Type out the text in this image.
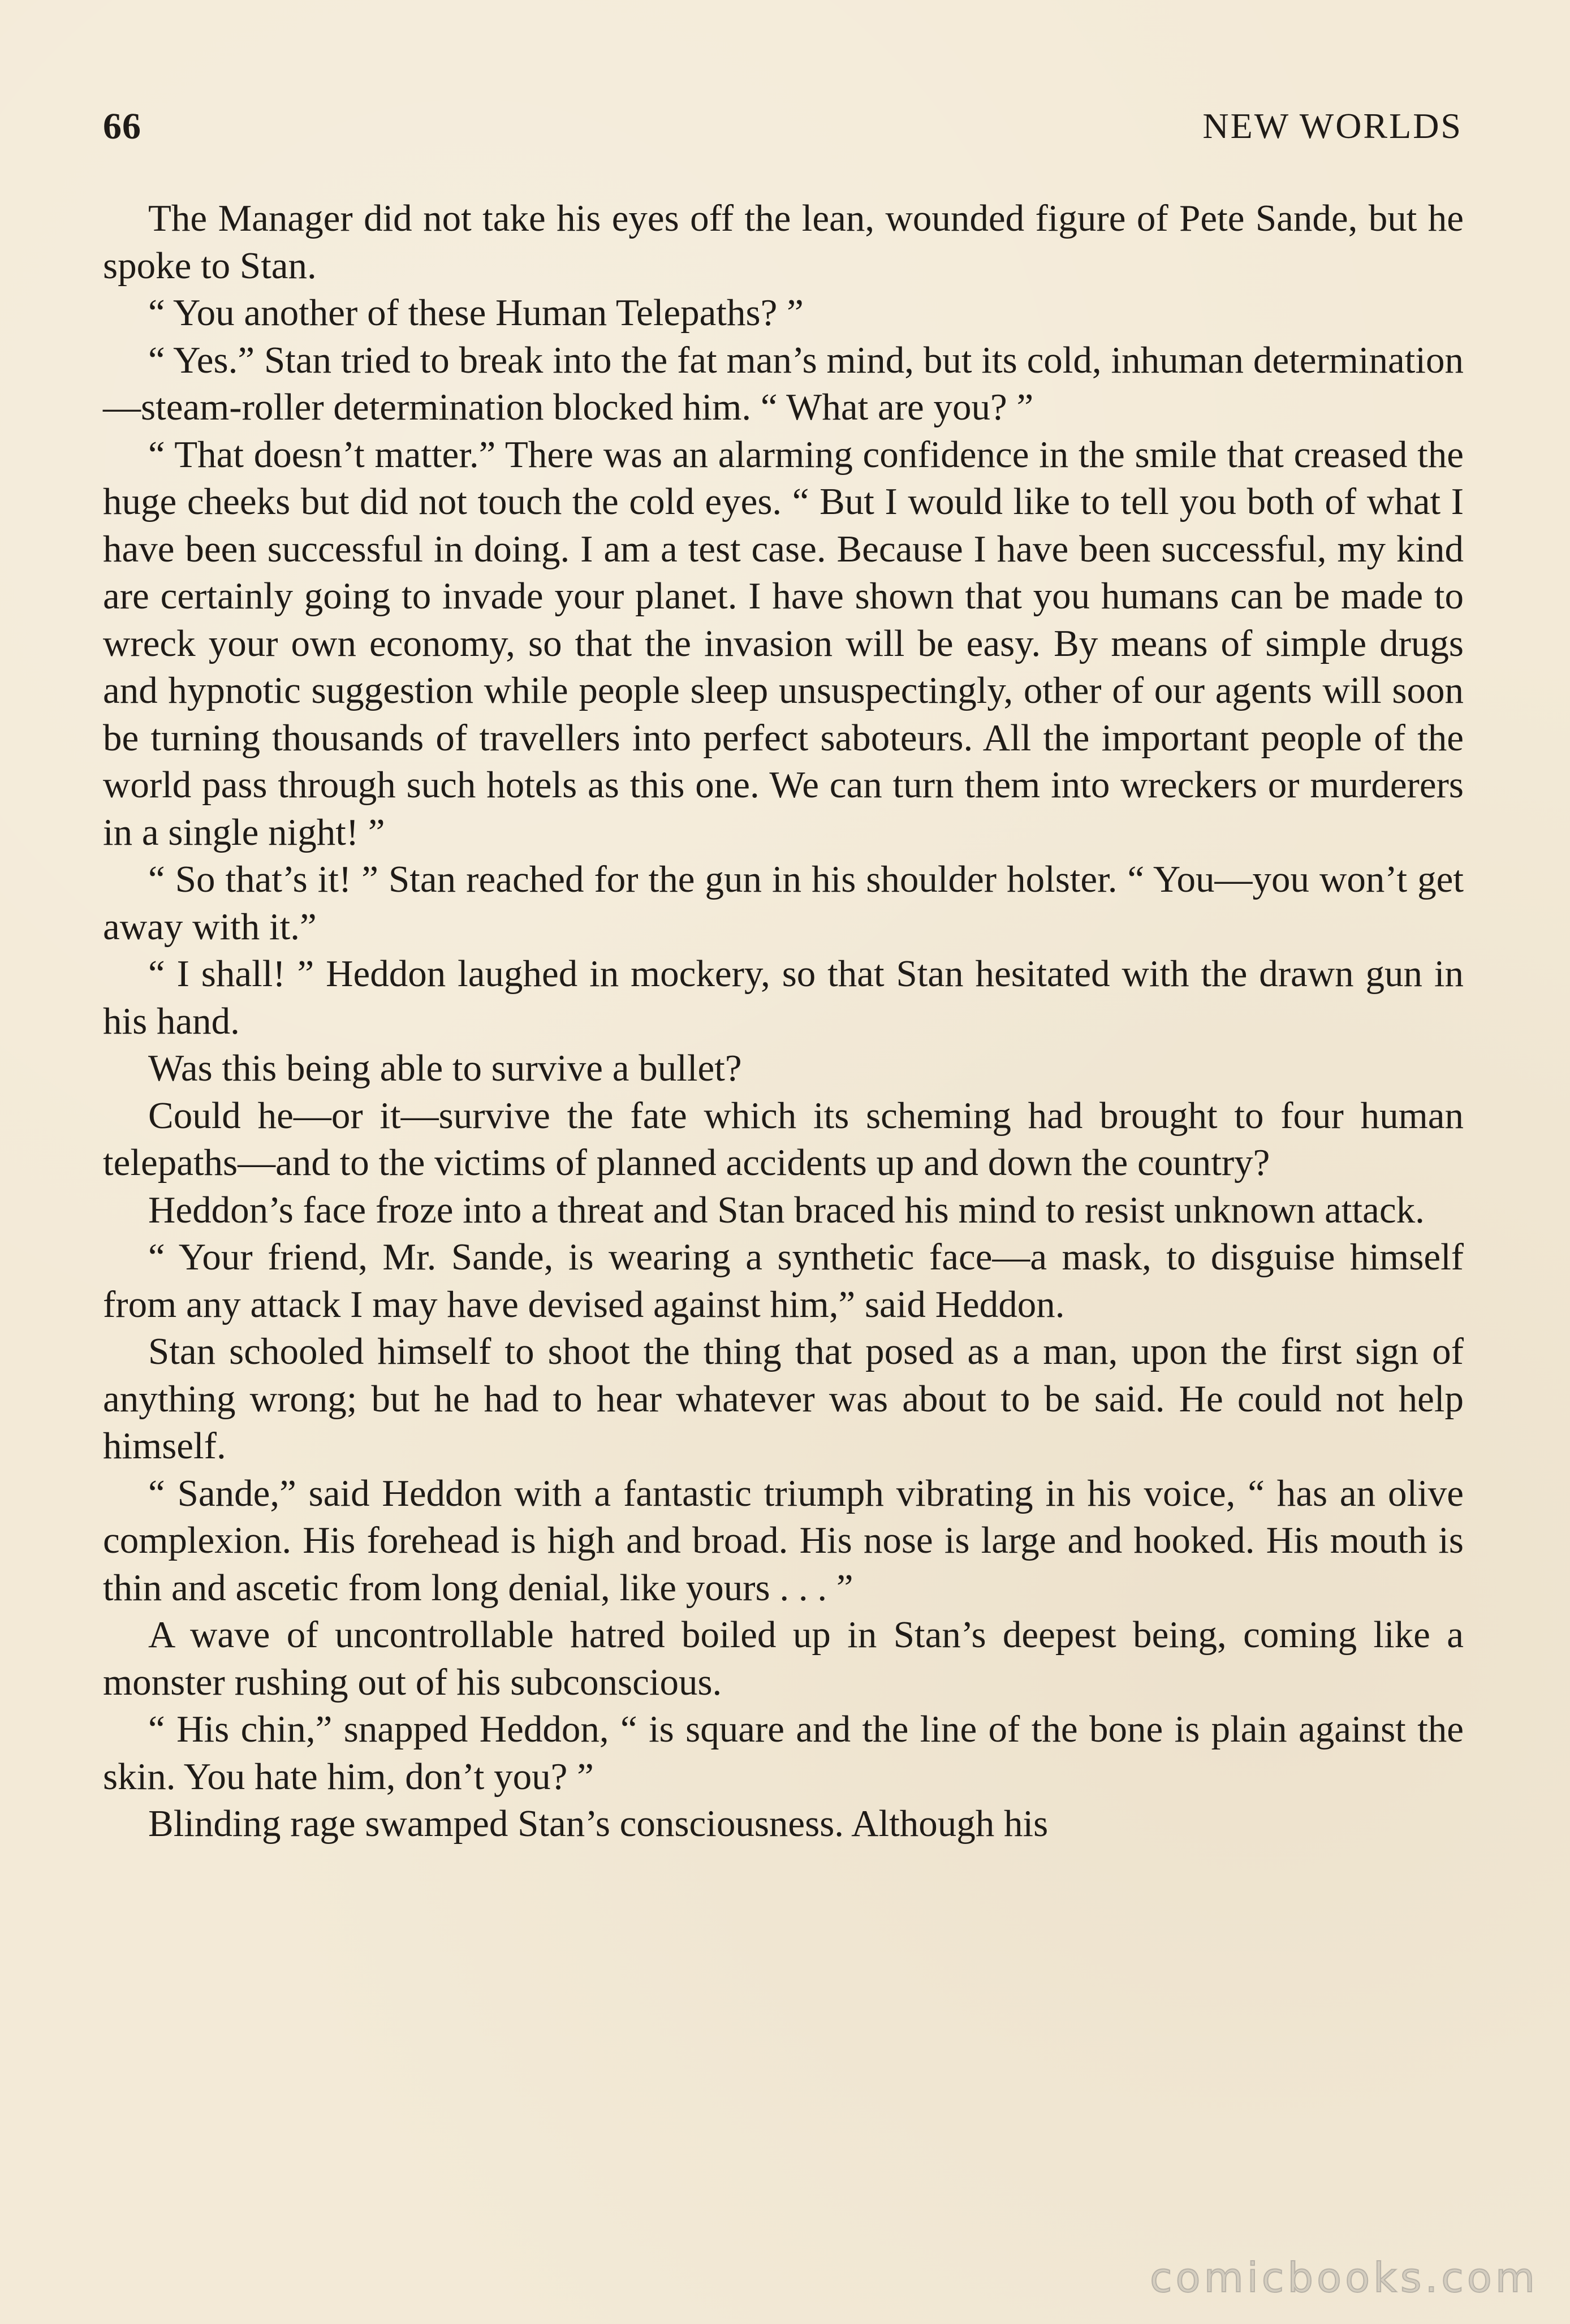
66	NEW WORLDS

The Manager did not take his eyes off the lean, wounded figure of Pete Sande, but he spoke to Stan.

“ You another of these Human Telepaths? ”

“ Yes.” Stan tried to break into the fat man’s mind, but its cold, inhuman determination—steam-roller determination blocked him. “ What are you? ”

“ That doesn’t matter.” There was an alarming confidence in the smile that creased the huge cheeks but did not touch the cold eyes. “ But I would like to tell you both of what I have been successful in doing. I am a test case. Because I have been successful, my kind are certainly going to invade your planet. I have shown that you humans can be made to wreck your own economy, so that the invasion will be easy. By means of simple drugs and hypnotic suggestion while people sleep unsuspectingly, other of our agents will soon be turning thousands of travellers into perfect saboteurs. All the important people of the world pass through such hotels as this one. We can turn them into wreckers or murderers in a single night! ”

“ So that’s it! ” Stan reached for the gun in his shoulder holster. “ You—you won’t get away with it.”

“ I shall! ” Heddon laughed in mockery, so that Stan hesitated with the drawn gun in his hand.

Was this being able to survive a bullet?

Could he—or it—survive the fate which its scheming had brought to four human telepaths—and to the victims of planned accidents up and down the country?

Heddon’s face froze into a threat and Stan braced his mind to resist unknown attack.

“ Your friend, Mr. Sande, is wearing a synthetic face—a mask, to disguise himself from any attack I may have devised against him,” said Heddon.

Stan schooled himself to shoot the thing that posed as a man, upon the first sign of anything wrong; but he had to hear whatever was about to be said. He could not help himself.

“ Sande,” said Heddon with a fantastic triumph vibrating in his voice, “ has an olive complexion. His forehead is high and broad. His nose is large and hooked. His mouth is thin and ascetic from long denial, like yours . . . ”

A wave of uncontrollable hatred boiled up in Stan’s deepest being, coming like a monster rushing out of his subconscious.

“ His chin,” snapped Heddon, “ is square and the line of the bone is plain against the skin. You hate him, don’t you? ”

Blinding rage swamped Stan’s consciousness. Although his

comicbooks.com
